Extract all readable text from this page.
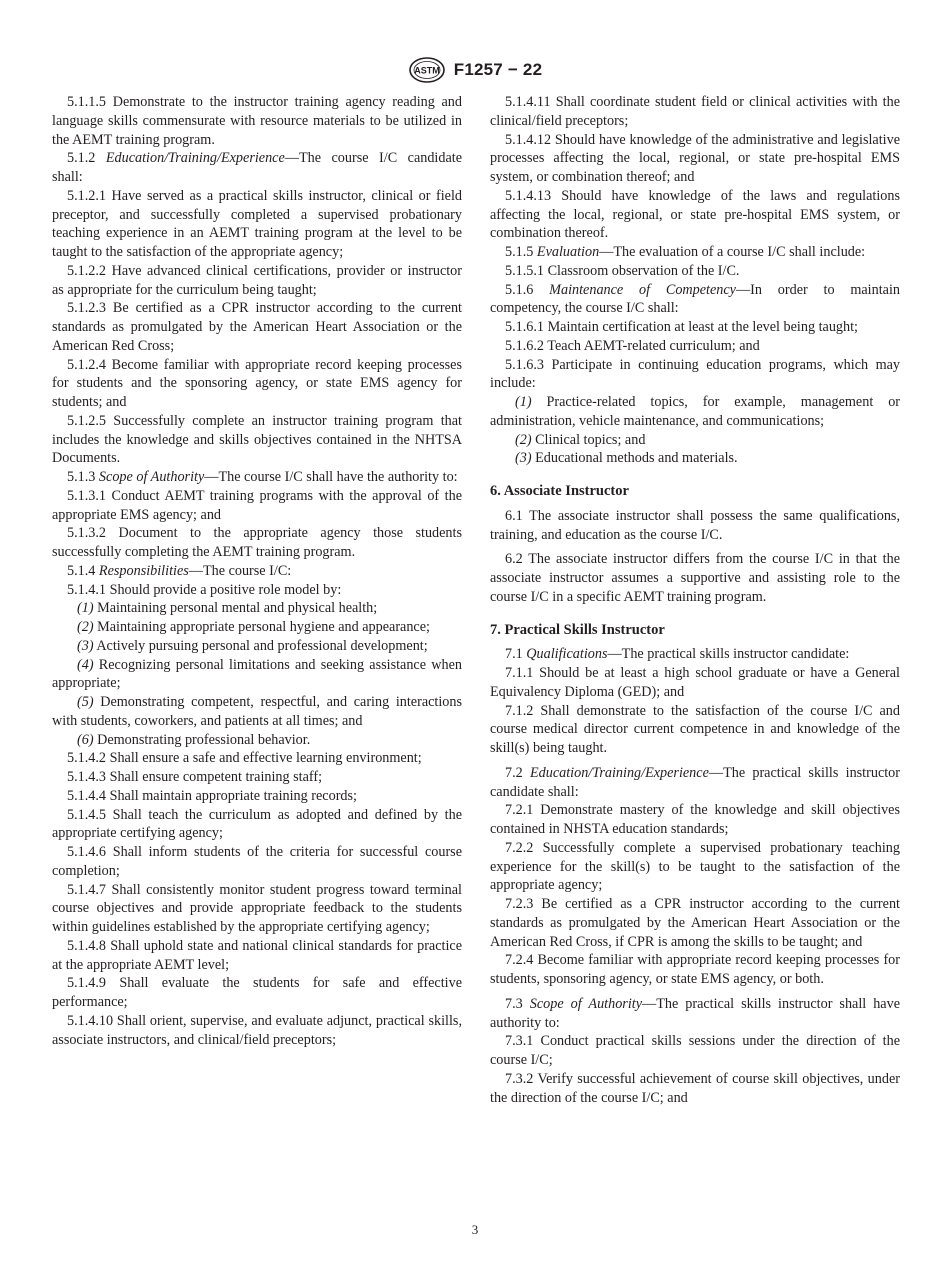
ASTM F1257 − 22

5.1.1.5 Demonstrate to the instructor training agency reading and language skills commensurate with resource materials to be utilized in the AEMT training program.

5.1.2 Education/Training/Experience—The course I/C candidate shall:

5.1.2.1 Have served as a practical skills instructor, clinical or field preceptor, and successfully completed a supervised probationary teaching experience in an AEMT training program at the level to be taught to the satisfaction of the appropriate agency;

5.1.2.2 Have advanced clinical certifications, provider or instructor as appropriate for the curriculum being taught;

5.1.2.3 Be certified as a CPR instructor according to the current standards as promulgated by the American Heart Association or the American Red Cross;

5.1.2.4 Become familiar with appropriate record keeping processes for students and the sponsoring agency, or state EMS agency for students; and

5.1.2.5 Successfully complete an instructor training program that includes the knowledge and skills objectives contained in the NHTSA Documents.

5.1.3 Scope of Authority—The course I/C shall have the authority to:

5.1.3.1 Conduct AEMT training programs with the approval of the appropriate EMS agency; and

5.1.3.2 Document to the appropriate agency those students successfully completing the AEMT training program.

5.1.4 Responsibilities—The course I/C:

5.1.4.1 Should provide a positive role model by:

(1) Maintaining personal mental and physical health;

(2) Maintaining appropriate personal hygiene and appearance;

(3) Actively pursuing personal and professional development;

(4) Recognizing personal limitations and seeking assistance when appropriate;

(5) Demonstrating competent, respectful, and caring interactions with students, coworkers, and patients at all times; and

(6) Demonstrating professional behavior.

5.1.4.2 Shall ensure a safe and effective learning environment;

5.1.4.3 Shall ensure competent training staff;

5.1.4.4 Shall maintain appropriate training records;

5.1.4.5 Shall teach the curriculum as adopted and defined by the appropriate certifying agency;

5.1.4.6 Shall inform students of the criteria for successful course completion;

5.1.4.7 Shall consistently monitor student progress toward terminal course objectives and provide appropriate feedback to the students within guidelines established by the appropriate certifying agency;

5.1.4.8 Shall uphold state and national clinical standards for practice at the appropriate AEMT level;

5.1.4.9 Shall evaluate the students for safe and effective performance;

5.1.4.10 Shall orient, supervise, and evaluate adjunct, practical skills, associate instructors, and clinical/field preceptors;

5.1.4.11 Shall coordinate student field or clinical activities with the clinical/field preceptors;

5.1.4.12 Should have knowledge of the administrative and legislative processes affecting the local, regional, or state pre-hospital EMS system, or combination thereof; and

5.1.4.13 Should have knowledge of the laws and regulations affecting the local, regional, or state pre-hospital EMS system, or combination thereof.

5.1.5 Evaluation—The evaluation of a course I/C shall include:

5.1.5.1 Classroom observation of the I/C.

5.1.6 Maintenance of Competency—In order to maintain competency, the course I/C shall:

5.1.6.1 Maintain certification at least at the level being taught;

5.1.6.2 Teach AEMT-related curriculum; and

5.1.6.3 Participate in continuing education programs, which may include:

(1) Practice-related topics, for example, management or administration, vehicle maintenance, and communications;

(2) Clinical topics; and

(3) Educational methods and materials.

6. Associate Instructor

6.1 The associate instructor shall possess the same qualifications, training, and education as the course I/C.

6.2 The associate instructor differs from the course I/C in that the associate instructor assumes a supportive and assisting role to the course I/C in a specific AEMT training program.

7. Practical Skills Instructor

7.1 Qualifications—The practical skills instructor candidate:

7.1.1 Should be at least a high school graduate or have a General Equivalency Diploma (GED); and

7.1.2 Shall demonstrate to the satisfaction of the course I/C and course medical director current competence in and knowledge of the skill(s) being taught.

7.2 Education/Training/Experience—The practical skills instructor candidate shall:

7.2.1 Demonstrate mastery of the knowledge and skill objectives contained in NHSTA education standards;

7.2.2 Successfully complete a supervised probationary teaching experience for the skill(s) to be taught to the satisfaction of the appropriate agency;

7.2.3 Be certified as a CPR instructor according to the current standards as promulgated by the American Heart Association or the American Red Cross, if CPR is among the skills to be taught; and

7.2.4 Become familiar with appropriate record keeping processes for students, sponsoring agency, or state EMS agency, or both.

7.3 Scope of Authority—The practical skills instructor shall have authority to:

7.3.1 Conduct practical skills sessions under the direction of the course I/C;

7.3.2 Verify successful achievement of course skill objectives, under the direction of the course I/C; and

3
